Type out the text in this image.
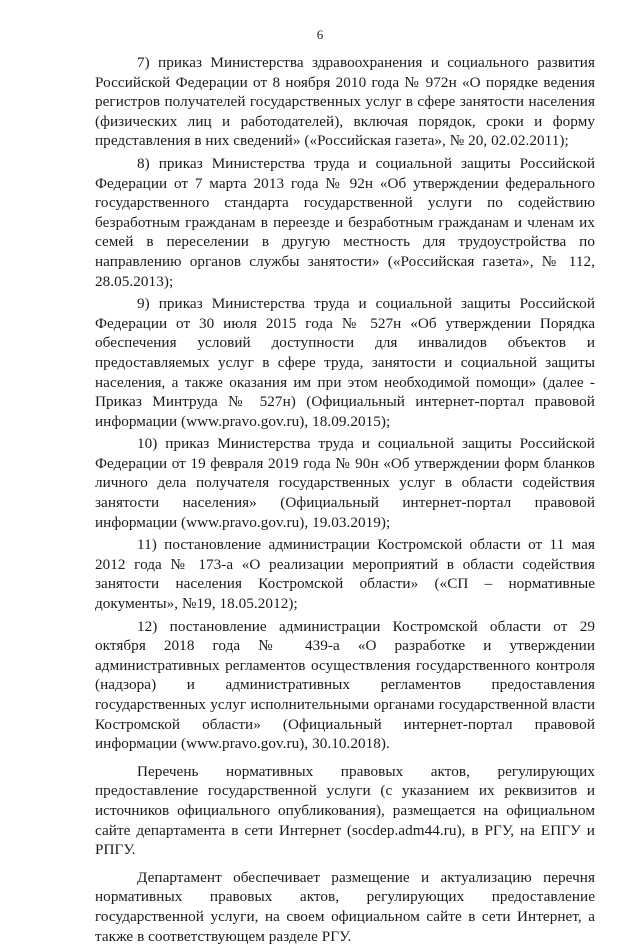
6

7) приказ Министерства здравоохранения и социального развития Российской Федерации от 8 ноября 2010 года № 972н «О порядке ведения регистров получателей государственных услуг в сфере занятости населения (физических лиц и работодателей), включая порядок, сроки и форму представления в них сведений» («Российская газета», № 20, 02.02.2011);

8) приказ Министерства труда и социальной защиты Российской Федерации от 7 марта 2013 года № 92н «Об утверждении федерального государственного стандарта государственной услуги по содействию безработным гражданам в переезде и безработным гражданам и членам их семей в переселении в другую местность для трудоустройства по направлению органов службы занятости» («Российская газета», № 112, 28.05.2013);

9) приказ Министерства труда и социальной защиты Российской Федерации от 30 июля 2015 года № 527н «Об утверждении Порядка обеспечения условий доступности для инвалидов объектов и предоставляемых услуг в сфере труда, занятости и социальной защиты населения, а также оказания им при этом необходимой помощи» (далее - Приказ Минтруда № 527н) (Официальный интернет-портал правовой информации (www.pravo.gov.ru), 18.09.2015);

10) приказ Министерства труда и социальной защиты Российской Федерации от 19 февраля 2019 года № 90н «Об утверждении форм бланков личного дела получателя государственных услуг в области содействия занятости населения» (Официальный интернет-портал правовой информации (www.pravo.gov.ru), 19.03.2019);

11) постановление администрации Костромской области от 11 мая 2012 года № 173-а «О реализации мероприятий в области содействия занятости населения Костромской области» («СП – нормативные документы», №19, 18.05.2012);

12) постановление администрации Костромской области от 29 октября 2018 года № 439-а «О разработке и утверждении административных регламентов осуществления государственного контроля (надзора) и административных регламентов предоставления государственных услуг исполнительными органами государственной власти Костромской области» (Официальный интернет-портал правовой информации (www.pravo.gov.ru), 30.10.2018).

Перечень нормативных правовых актов, регулирующих предоставление государственной услуги (с указанием их реквизитов и источников официального опубликования), размещается на официальном сайте департамента в сети Интернет (socdep.adm44.ru), в РГУ, на ЕПГУ и РПГУ.

Департамент обеспечивает размещение и актуализацию перечня нормативных правовых актов, регулирующих предоставление государственной услуги, на своем официальном сайте в сети Интернет, а также в соответствующем разделе РГУ.
